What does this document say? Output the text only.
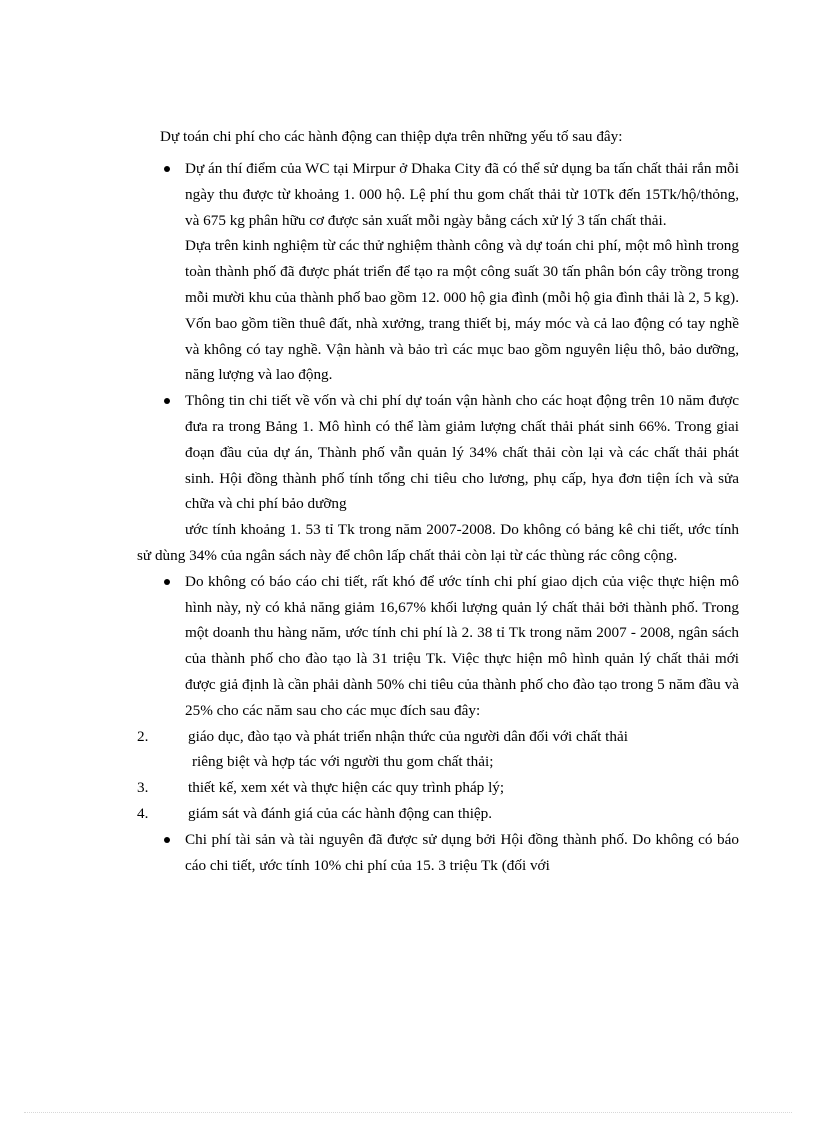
Dự toán chi phí cho các hành động can thiệp dựa trên những yếu tố sau đây:
Dự án thí điểm của WC tại Mirpur ở Dhaka City đã có thể sử dụng ba tấn chất thải rắn mỗi ngày thu được từ khoảng 1. 000 hộ. Lệ phí thu gom chất thải từ 10Tk đến 15Tk/hộ/thỏng, và 675 kg phân hữu cơ được sản xuất mỗi ngày bằng cách xử lý 3 tấn chất thải.
Dựa trên kinh nghiệm từ các thử nghiệm thành công và dự toán chi phí, một mô hình trong toàn thành phố đã được phát triển để tạo ra một công suất 30 tấn phân bón cây trồng trong mỗi mười khu của thành phố bao gồm 12. 000 hộ gia đình (mỗi hộ gia đình thải là 2, 5 kg). Vốn bao gồm tiền thuê đất, nhà xưởng, trang thiết bị, máy móc và cả lao động có tay nghề và không có tay nghề. Vận hành và bảo trì các mục bao gồm nguyên liệu thô, bảo dưỡng, năng lượng và lao động.
Thông tin chi tiết về vốn và chi phí dự toán vận hành cho các hoạt động trên 10 năm được đưa ra trong Bảng 1. Mô hình có thể làm giảm lượng chất thải phát sinh 66%. Trong giai đoạn đầu của dự án, Thành phố vẫn quản lý 34% chất thải còn lại và các chất thải phát sinh. Hội đồng thành phố tính tổng chi tiêu cho lương, phụ cấp, hya đơn tiện ích và sửa chữa và chi phí bảo dưỡng
ước tính khoảng 1. 53 tỉ Tk trong năm 2007-2008. Do không có bảng kê chi tiết, ước tính sử dùng 34% của ngân sách này để chôn lấp chất thải còn lại từ các thùng rác công cộng.
Do không có báo cáo chi tiết, rất khó để ước tính chi phí giao dịch của việc thực hiện mô hình này, nỳ có khả năng giảm 16,67% khối lượng quản lý chất thải bởi thành phố. Trong một doanh thu hàng năm, ước tính chi phí là 2. 38 tỉ Tk trong năm 2007 - 2008, ngân sách của thành phố cho đào tạo là 31 triệu Tk. Việc thực hiện mô hình quản lý chất thải mới được giả định là cần phải dành 50% chi tiêu của thành phố cho đào tạo trong 5 năm đầu và 25% cho các năm sau cho các mục đích sau đây:
2.	giáo dục, đào tạo và phát triển nhận thức của người dân đối với chất thải
riêng biệt và hợp tác với người thu gom chất thải;
3.	thiết kế, xem xét và thực hiện các quy trình pháp lý;
4.	giám sát và đánh giá của các hành động can thiệp.
Chi phí tài sản và tài nguyên đã được sử dụng bởi Hội đồng thành phố. Do không có báo cáo chi tiết, ước tính 10% chi phí của 15. 3 triệu Tk (đối với
